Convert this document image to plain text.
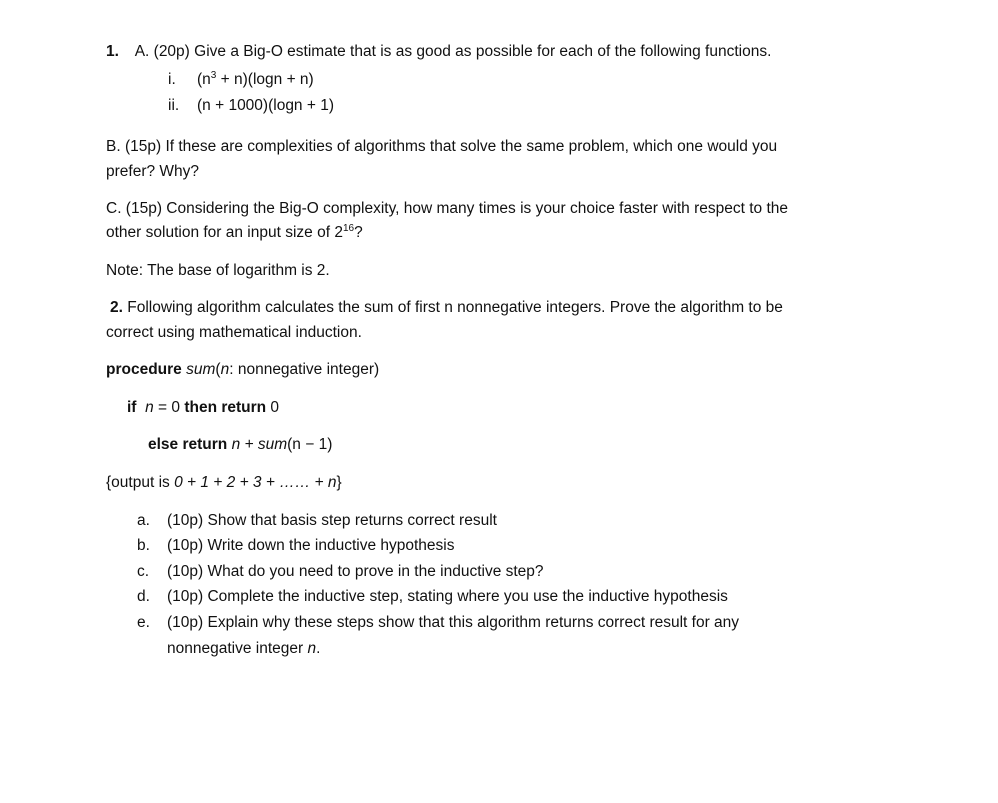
1. A. (20p) Give a Big-O estimate that is as good as possible for each of the following functions.
i. $(n^3 + n)(\log n + n)$
ii. (n + 1000)(logn + 1)
B. (15p) If these are complexities of algorithms that solve the same problem, which one would you
prefer? Why?
C. (15p) Considering the Big-O complexity, how many times is your choice faster with respect to the
other solution for an input size of $2^{16}$?
Note: The base of logarithm is 2.
2. Following algorithm calculates the sum of first n nonnegative integers. Prove the algorithm to be
correct using mathematical induction.
procedure sum(n: nonnegative integer)
if n = 0 then return 0
else return n + sum(n − 1)
{output is 0 + 1 + 2 + 3 + …… + n}
a. (10p) Show that basis step returns correct result
b. (10p) Write down the inductive hypothesis
c. (10p) What do you need to prove in the inductive step?
d. (10p) Complete the inductive step, stating where you use the inductive hypothesis
e. (10p) Explain why these steps show that this algorithm returns correct result for any
nonnegative integer n.
